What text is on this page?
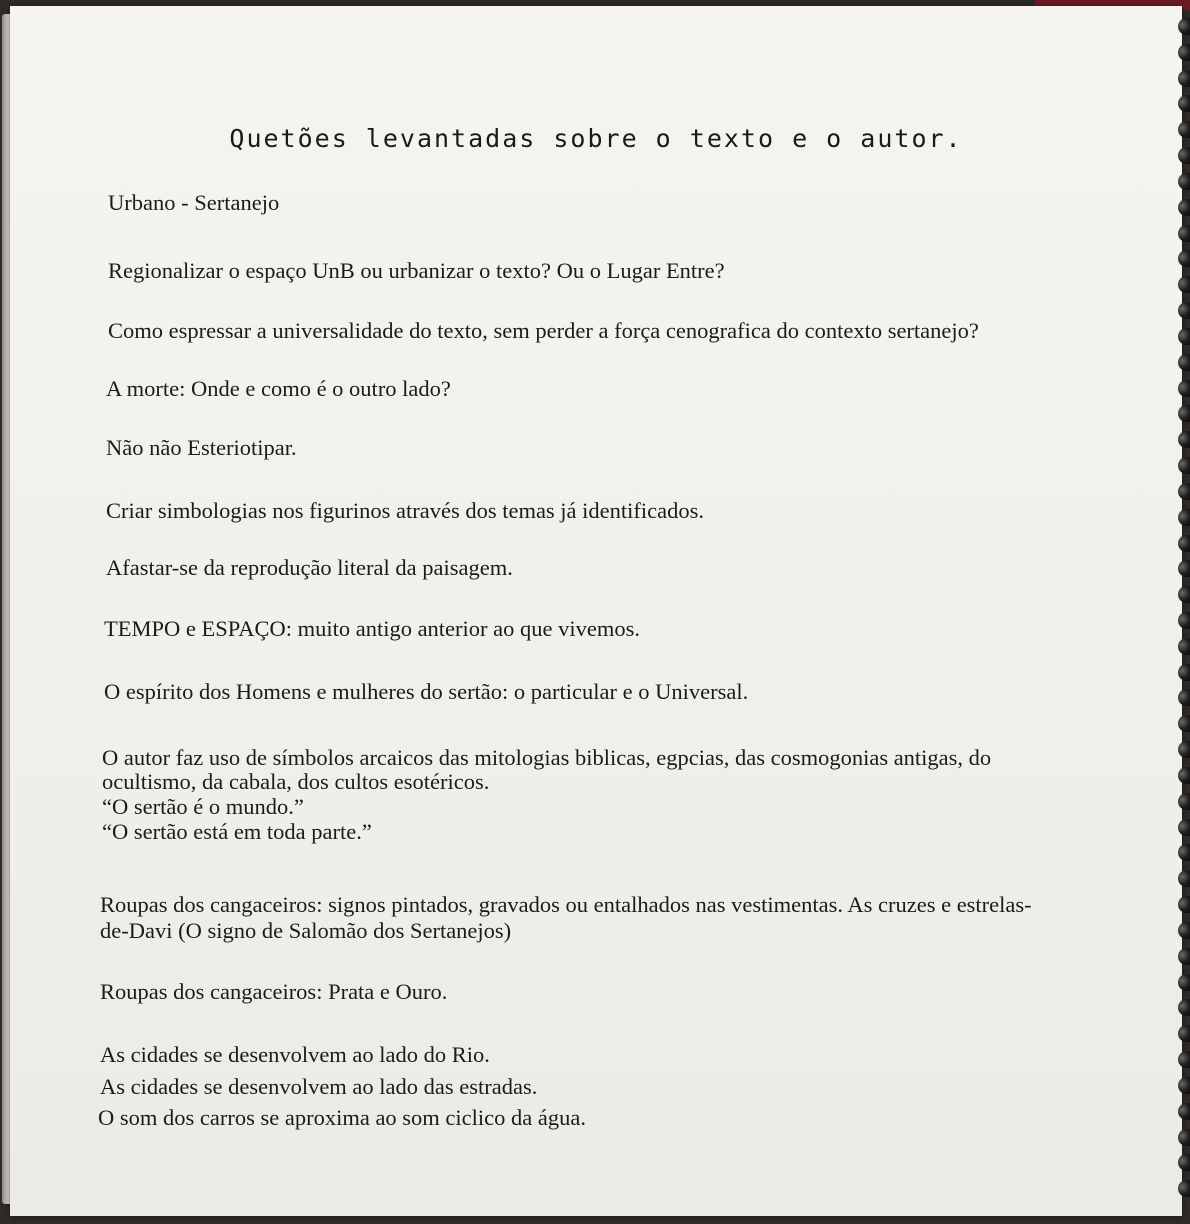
Quetões levantadas sobre o texto e o autor.
Urbano - Sertanejo
Regionalizar o espaço UnB ou urbanizar o texto? Ou o Lugar Entre?
Como espressar a universalidade do texto, sem perder a força cenografica do contexto sertanejo?
A morte: Onde e como é o outro lado?
Não não Esteriotipar.
Criar simbologias nos figurinos através dos temas já identificados.
Afastar-se da reprodução literal da paisagem.
TEMPO e ESPAÇO: muito antigo anterior ao que vivemos.
O espírito dos Homens e mulheres do sertão: o particular e o Universal.
O autor faz uso de símbolos arcaicos das mitologias biblicas, egpcias, das cosmogonias antigas, do
ocultismo, da cabala, dos cultos esotéricos.
“O sertão é o mundo.”
“O sertão está em toda parte.”
Roupas dos cangaceiros: signos pintados, gravados ou entalhados nas vestimentas. As cruzes e estrelas-
de-Davi (O signo de Salomão dos Sertanejos)
Roupas dos cangaceiros: Prata e Ouro.
As cidades se desenvolvem ao lado do Rio.
As cidades se desenvolvem ao lado das estradas.
O som dos carros se aproxima ao som ciclico da água.
